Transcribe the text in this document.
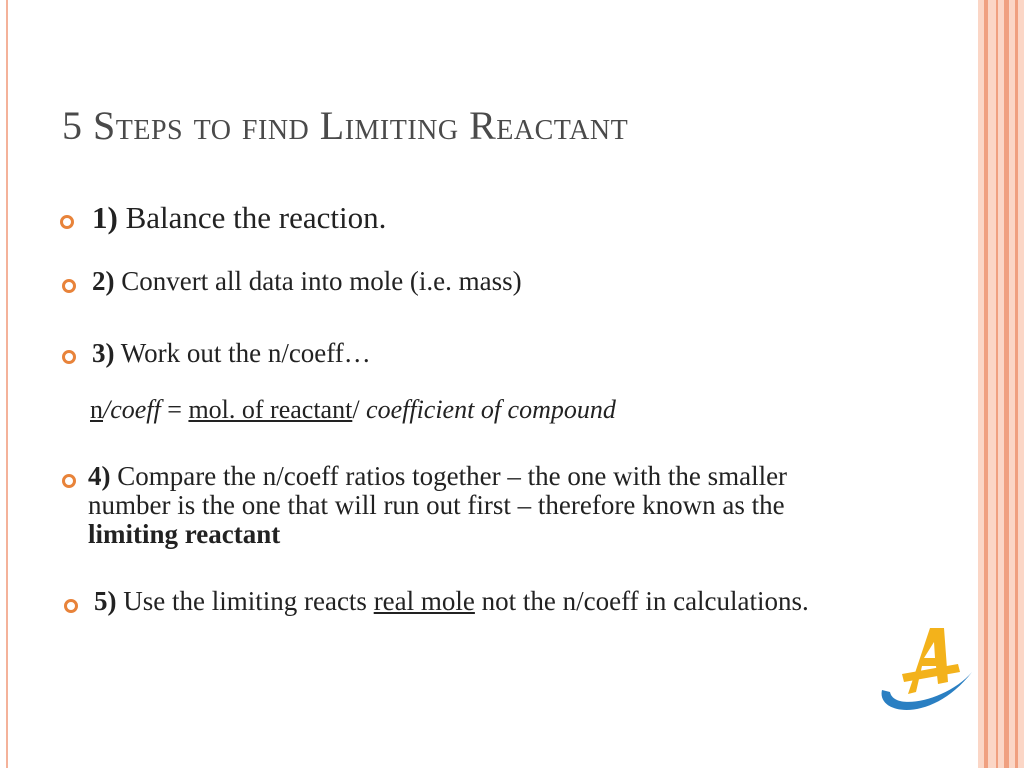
5 Steps to find Limiting Reactant
1) Balance the reaction.
2) Convert all data into mole (i.e. mass)
3) Work out the n/coeff…
n/coeff = mol. of reactant/ coefficient of compound
4) Compare the n/coeff ratios together – the one with the smaller number is the one that will run out first – therefore known as the limiting reactant
5) Use the limiting reacts real mole not the n/coeff in calculations.
